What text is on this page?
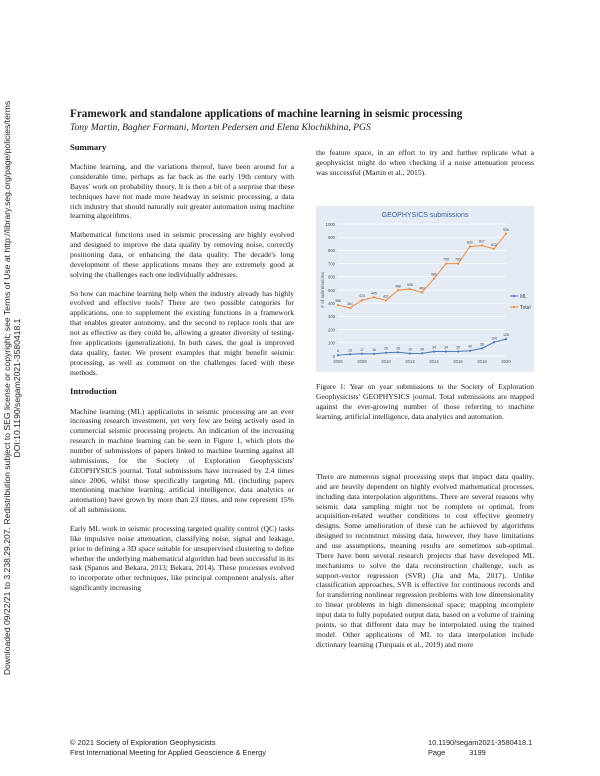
Downloaded 09/22/21 to 3.238.29.207. Redistribution subject to SEG license or copyright; see Terms of Use at http://library.seg.org/page/policies/terms DOI:10.1190/segam2021-3580418.1
Framework and standalone applications of machine learning in seismic processing
Tony Martin, Bagher Farmani, Morten Pedersen and Elena Klochikhina, PGS
Summary

Machine learning, and the variations thereof, have been around for a considerable time, perhaps as far back as the early 19th century with Bayes' work on probability theory. It is then a bit of a surprise that these techniques have not made more headway in seismic processing, a data rich industry that should naturally suit greater automation using machine learning algorithms.

Mathematical functions used in seismic processing are highly evolved and designed to improve the data quality by removing noise, correctly positioning data, or enhancing the data quality. The decade's long development of these applications means they are extremely good at solving the challenges each one individually addresses.

So how can machine learning help when the industry already has highly evolved and effective tools? There are two possible categories for applications, one to supplement the existing functions in a framework that enables greater autonomy, and the second to replace tools that are not as effective as they could be, allowing a greater diversity of testing-free applications (generalization). In both cases, the goal is improved data quality, faster. We present examples that might benefit seismic processing, as well as comment on the challenges faced with these methods.

Introduction

Machine learning (ML) applications in seismic processing are an ever increasing research investment, yet very few are being actively used in commercial seismic processing projects. An indication of the increasing research in machine learning can be seen in Figure 1, which plots the number of submissions of papers linked to machine learning against all submissions, for the Society of Exploration Geophysicists' GEOPHYSICS journal. Total submissions have increased by 2.4 times since 2006, whilst those specifically targeting ML (including papers mentioning machine learning, artificial intelligence, data analytics or automation) have grown by more than 23 times, and now represent 15% of all submissions.

Early ML work in seismic processing targeted quality control (QC) tasks like impulsive noise attenuation, classifying noise, signal and leakage, prior to defining a 3D space suitable for unsupervised clustering to define whether the underlying mathematical algorithm had been successful in its task (Spanos and Bekara, 2013; Bekara, 2014). These processes evolved to incorporate other techniques, like principal component analysis, after significantly increasing

the feature space, in an effort to try and further replicate what a geophysicist might do when checking if a noise attenuation process was successful (Martin et al., 2015).

GEOPHYSICS submissions
0
100
200
300
400
500
600
700
800
900
1000
2006	2008	2010	2012	2014	2016	2018	2020
# of submissions
6	13 17 16 25 28 19 20 34 34 35 40
58
104
128
386
364
423
445
421
498 508
482
586
700 700
830 837
812
926
ML
Total
Figure 1: Year on year submissions to the Society of Exploration Geophysicists' GEOPHYSICS journal. Total submissions are mapped against the ever-growing number of those referring to machine learning, artificial intelligence, data analytics and automation.

There are numerous signal processing steps that impact data quality, and are heavily dependent on highly evolved mathematical processes, including data interpolation algorithms. There are several reasons why seismic data sampling might not be complete or optimal, from acquisition-related weather conditions to cost effective geometry designs. Some amelioration of these can be achieved by algorithms designed to reconstruct missing data, however, they have limitations and use assumptions, meaning results are sometimes sub-optimal. There have been several research projects that have developed ML mechanisms to solve the data reconstruction challenge, such as support-vector regression (SVR) (Jia and Ma, 2017). Unlike classification approaches, SVR is effective for continuous records and for transferring nonlinear regression problems with low dimensionality to linear problems in high dimensional space; mapping incomplete input data to fully populated output data, based on a volume of training points, so that different data may be interpolated using the trained model. Other applications of ML to data interpolation include dictionary learning (Turquais et al., 2019) and more

© 2021 Society of Exploration Geophysicists
First International Meeting for Applied Geoscience & Energy
10.1190/segam2021-3580418.1
Page	3199
